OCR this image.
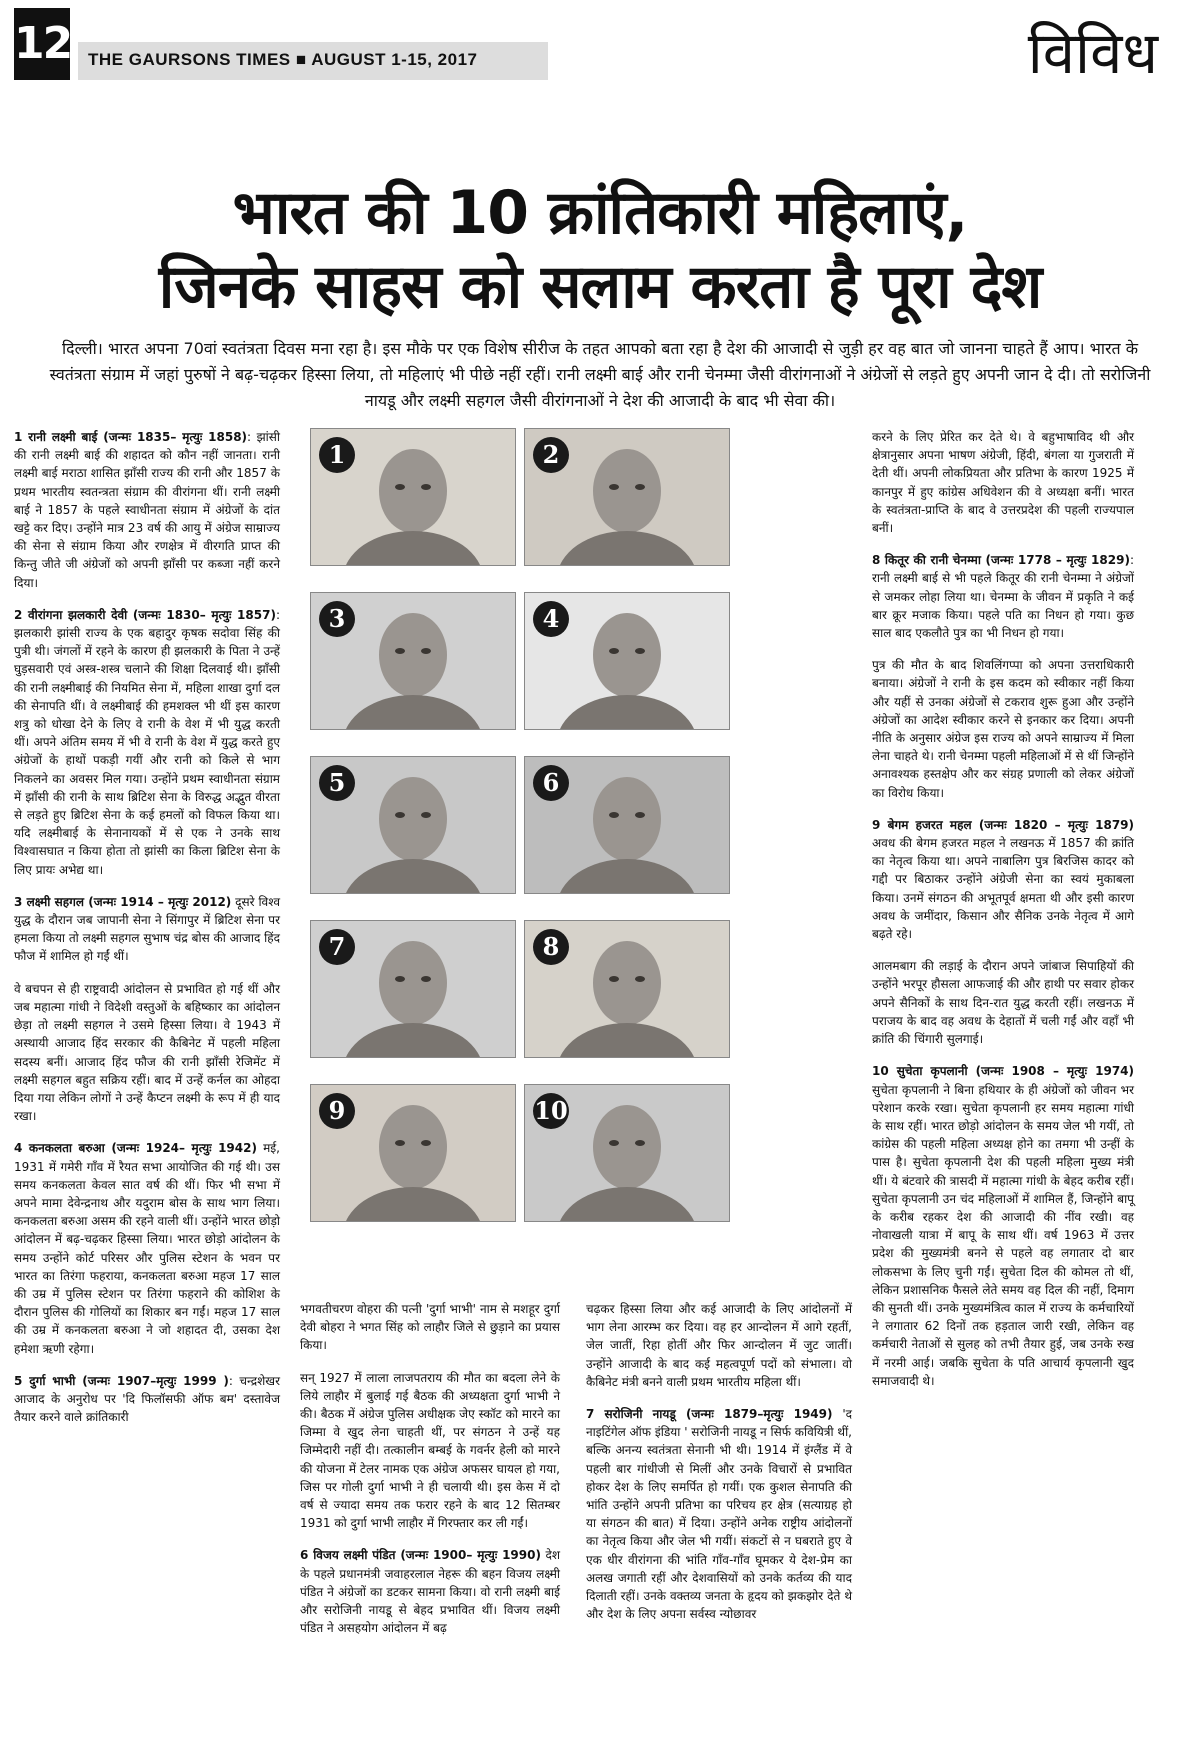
12 THE GAURSONS TIMES ■ AUGUST 1-15, 2017	विविध
भारत की 10 क्रांतिकारी महिलाएं,
जिनके साहस को सलाम करता है पूरा देश
दिल्ली। भारत अपना 70वां स्वतंत्रता दिवस मना रहा है। इस मौके पर एक विशेष सीरीज के तहत आपको बता रहा है देश की आजादी से जुड़ी हर वह बात जो जानना चाहते हैं आप। भारत के स्वतंत्रता संग्राम में जहां पुरुषों ने बढ़-चढ़कर हिस्सा लिया, तो महिलाएं भी पीछे नहीं रहीं। रानी लक्ष्मी बाई और रानी चेनम्मा जैसी वीरांगनाओं ने अंग्रेजों से लड़ते हुए अपनी जान दे दी। तो सरोजिनी नायडू और लक्ष्मी सहगल जैसी वीरांगनाओं ने देश की आजादी के बाद भी सेवा की।

1 रानी लक्ष्मी बाई (जन्मः 1835– मृत्युः 1858): झांसी की रानी लक्ष्मी बाई की शहादत को कौन नहीं जानता। रानी लक्ष्मी बाई मराठा शासित झाँसी राज्य की रानी और 1857 के प्रथम भारतीय स्वतन्त्रता संग्राम की वीरांगना थीं। रानी लक्ष्मी बाई ने 1857 के पहले स्वाधीनता संग्राम में अंग्रेजों के दांत खट्टे कर दिए। उन्होंने मात्र 23 वर्ष की आयु में अंग्रेज साम्राज्य की सेना से संग्राम किया और रणक्षेत्र में वीरगति प्राप्त की किन्तु जीते जी अंग्रेजों को अपनी झाँसी पर कब्जा नहीं करने दिया।

2 वीरांगना झलकारी देवी (जन्मः 1830– मृत्युः 1857): झलकारी झांसी राज्य के एक बहादुर कृषक सदोवा सिंह की पुत्री थी। जंगलों में रहने के कारण ही झलकारी के पिता ने उन्हें घुड़सवारी एवं अस्त्र-शस्त्र चलाने की शिक्षा दिलवाई थी। झाँसी की रानी लक्ष्मीबाई की नियमित सेना में, महिला शाखा दुर्गा दल की सेनापति थीं। वे लक्ष्मीबाई की हमशक्ल भी थीं इस कारण शत्रु को धोखा देने के लिए वे रानी के वेश में भी युद्ध करती थीं। अपने अंतिम समय में भी वे रानी के वेश में युद्ध करते हुए अंग्रेजों के हाथों पकड़ी गयीं और रानी को किले से भाग निकलने का अवसर मिल गया। उन्होंने प्रथम स्वाधीनता संग्राम में झाँसी की रानी के साथ ब्रिटिश सेना के विरुद्ध अद्भुत वीरता से लड़ते हुए ब्रिटिश सेना के कई हमलों को विफल किया था। यदि लक्ष्मीबाई के सेनानायकों में से एक ने उनके साथ विश्वासघात न किया होता तो झांसी का किला ब्रिटिश सेना के लिए प्रायः अभेद्य था।

3 लक्ष्मी सहगल (जन्मः 1914 – मृत्युः 2012) दूसरे विश्व युद्ध के दौरान जब जापानी सेना ने सिंगापुर में ब्रिटिश सेना पर हमला किया तो लक्ष्मी सहगल सुभाष चंद्र बोस की आजाद हिंद फौज में शामिल हो गईं थीं।

वे बचपन से ही राष्ट्रवादी आंदोलन से प्रभावित हो गई थीं और जब महात्मा गांधी ने विदेशी वस्तुओं के बहिष्कार का आंदोलन छेड़ा तो लक्ष्मी सहगल ने उसमे हिस्सा लिया। वे 1943 में अस्थायी आजाद हिंद सरकार की कैबिनेट में पहली महिला सदस्य बनीं। आजाद हिंद फौज की रानी झाँसी रेजिमेंट में लक्ष्मी सहगल बहुत सक्रिय रहीं। बाद में उन्हें कर्नल का ओहदा दिया गया लेकिन लोगों ने उन्हें कैप्टन लक्ष्मी के रूप में ही याद रखा।

4 कनकलता बरुआ (जन्मः 1924– मृत्युः 1942) मई, 1931 में गमेरी गाँव में रैयत सभा आयोजित की गई थी। उस समय कनकलता केवल सात वर्ष की थीं। फिर भी सभा में अपने मामा देवेन्द्रनाथ और यदुराम बोस के साथ भाग लिया। कनकलता बरुआ असम की रहने वाली थीं। उन्होंने भारत छोड़ो आंदोलन में बढ़-चढ़कर हिस्सा लिया। भारत छोड़ो आंदोलन के समय उन्होंने कोर्ट परिसर और पुलिस स्टेशन के भवन पर भारत का तिरंगा फहराया, कनकलता बरुआ महज 17 साल की उम्र में पुलिस स्टेशन पर तिरंगा फहराने की कोशिश के दौरान पुलिस की गोलियों का शिकार बन गईं। महज 17 साल की उम्र में कनकलता बरुआ ने जो शहादत दी, उसका देश हमेशा ऋणी रहेगा।

5 दुर्गा भाभी (जन्मः 1907–मृत्युः 1999 ): चन्द्रशेखर आजाद के अनुरोध पर 'दि फिलॉसफी ऑफ बम' दस्तावेज तैयार करने वाले क्रांतिकारी

भगवतीचरण वोहरा की पत्नी 'दुर्गा भाभी' नाम से मशहूर दुर्गा देवी बोहरा ने भगत सिंह को लाहौर जिले से छुड़ाने का प्रयास किया।

सन् 1927 में लाला लाजपतराय की मौत का बदला लेने के लिये लाहौर में बुलाई गई बैठक की अध्यक्षता दुर्गा भाभी ने की। बैठक में अंग्रेज पुलिस अधीक्षक जेए स्कॉट को मारने का जिम्मा वे खुद लेना चाहती थीं, पर संगठन ने उन्हें यह जिम्मेदारी नहीं दी। तत्कालीन बम्बई के गवर्नर हेली को मारने की योजना में टेलर नामक एक अंग्रेज अफसर घायल हो गया, जिस पर गोली दुर्गा भाभी ने ही चलायी थी। इस केस में दो वर्ष से ज्यादा समय तक फरार रहने के बाद 12 सितम्बर 1931 को दुर्गा भाभी लाहौर में गिरफ्तार कर ली गईं।

6 विजय लक्ष्मी पंडित (जन्मः 1900– मृत्युः 1990) देश के पहले प्रधानमंत्री जवाहरलाल नेहरू की बहन विजय लक्ष्मी पंडित ने अंग्रेजों का डटकर सामना किया। वो रानी लक्ष्मी बाई और सरोजिनी नायडू से बेहद प्रभावित थीं। विजय लक्ष्मी पंडित ने असहयोग आंदोलन में बढ़

चढ़कर हिस्सा लिया और कई आजादी के लिए आंदोलनों में भाग लेना आरम्भ कर दिया। वह हर आन्दोलन में आगे रहतीं, जेल जातीं, रिहा होतीं और फिर आन्दोलन में जुट जातीं। उन्होंने आजादी के बाद कई महत्वपूर्ण पदों को संभाला। वो कैबिनेट मंत्री बनने वाली प्रथम भारतीय महिला थीं।

7 सरोजिनी नायडू (जन्मः 1879–मृत्युः 1949) 'द नाइटिंगेल ऑफ इंडिया ' सरोजिनी नायडू न सिर्फ कवियित्री थीं, बल्कि अनन्य स्वतंत्रता सेनानी भी थी। 1914 में इंग्लैंड में वे पहली बार गांधीजी से मिलीं और उनके विचारों से प्रभावित होकर देश के लिए समर्पित हो गयीं। एक कुशल सेनापति की भांति उन्होंने अपनी प्रतिभा का परिचय हर क्षेत्र (सत्याग्रह हो या संगठन की बात) में दिया। उन्होंने अनेक राष्ट्रीय आंदोलनों का नेतृत्व किया और जेल भी गयीं। संकटों से न घबराते हुए वे एक धीर वीरांगना की भांति गाँव-गाँव घूमकर ये देश-प्रेम का अलख जगाती रहीं और देशवासियों को उनके कर्तव्य की याद दिलाती रहीं। उनके वक्तव्य जनता के हृदय को झकझोर देते थे और देश के लिए अपना सर्वस्व न्योछावर

करने के लिए प्रेरित कर देते थे। वे बहुभाषाविद थी और क्षेत्रानुसार अपना भाषण अंग्रेजी, हिंदी, बंगला या गुजराती में देती थीं। अपनी लोकप्रियता और प्रतिभा के कारण 1925 में कानपुर में हुए कांग्रेस अधिवेशन की वे अध्यक्षा बनीं। भारत के स्वतंत्रता-प्राप्ति के बाद वे उत्तरप्रदेश की पहली राज्यपाल बनीं।

8 कितूर की रानी चेनम्मा (जन्मः 1778 – मृत्युः 1829): रानी लक्ष्मी बाई से भी पहले कितूर की रानी चेनम्मा ने अंग्रेजों से जमकर लोहा लिया था। चेनम्मा के जीवन में प्रकृति ने कई बार क्रूर मजाक किया। पहले पति का निधन हो गया। कुछ साल बाद एकलौते पुत्र का भी निधन हो गया।

पुत्र की मौत के बाद शिवलिंगप्पा को अपना उत्तराधिकारी बनाया। अंग्रेजों ने रानी के इस कदम को स्वीकार नहीं किया और यहीं से उनका अंग्रेजों से टकराव शुरू हुआ और उन्होंने अंग्रेजों का आदेश स्वीकार करने से इनकार कर दिया। अपनी नीति के अनुसार अंग्रेज इस राज्य को अपने साम्राज्य में मिला लेना चाहते थे। रानी चेनम्मा पहली महिलाओं में से थीं जिन्होंने अनावश्यक हस्तक्षेप और कर संग्रह प्रणाली को लेकर अंग्रेजों का विरोध किया।

9 बेगम हजरत महल (जन्मः 1820 – मृत्युः 1879) अवध की बेगम हजरत महल ने लखनऊ में 1857 की क्रांति का नेतृत्व किया था। अपने नाबालिग पुत्र बिरजिस कादर को गद्दी पर बिठाकर उन्होंने अंग्रेजी सेना का स्वयं मुकाबला किया। उनमें संगठन की अभूतपूर्व क्षमता थी और इसी कारण अवध के जमींदार, किसान और सैनिक उनके नेतृत्व में आगे बढ़ते रहे।

आलमबाग की लड़ाई के दौरान अपने जांबाज सिपाहियों की उन्होंने भरपूर हौसला आफजाई की और हाथी पर सवार होकर अपने सैनिकों के साथ दिन-रात युद्ध करती रहीं। लखनऊ में पराजय के बाद वह अवध के देहातों में चली गईं और वहाँ भी क्रांति की चिंगारी सुलगाई।

10 सुचेता कृपलानी (जन्मः 1908 – मृत्युः 1974) सुचेता कृपलानी ने बिना हथियार के ही अंग्रेजों को जीवन भर परेशान करके रखा। सुचेता कृपलानी हर समय महात्मा गांधी के साथ रहीं। भारत छोड़ो आंदोलन के समय जेल भी गयीं, तो कांग्रेस की पहली महिला अध्यक्ष होने का तमगा भी उन्हीं के पास है। सुचेता कृपलानी देश की पहली महिला मुख्य मंत्री थीं। ये बंटवारे की त्रासदी में महात्मा गांधी के बेहद करीब रहीं। सुचेता कृपलानी उन चंद महिलाओं में शामिल हैं, जिन्होंने बापू के करीब रहकर देश की आजादी की नींव रखी। वह नोवाखली यात्रा में बापू के साथ थीं। वर्ष 1963 में उत्तर प्रदेश की मुख्यमंत्री बनने से पहले वह लगातार दो बार लोकसभा के लिए चुनी गईं। सुचेता दिल की कोमल तो थीं, लेकिन प्रशासनिक फैसले लेते समय वह दिल की नहीं, दिमाग की सुनती थीं। उनके मुख्यमंत्रित्व काल में राज्य के कर्मचारियों ने लगातार 62 दिनों तक हड़ताल जारी रखी, लेकिन वह कर्मचारी नेताओं से सुलह को तभी तैयार हुई, जब उनके रुख में नरमी आई। जबकि सुचेता के पति आचार्य कृपलानी खुद समाजवादी थे।

1	2
3	4
5	6
7	8
9	10
